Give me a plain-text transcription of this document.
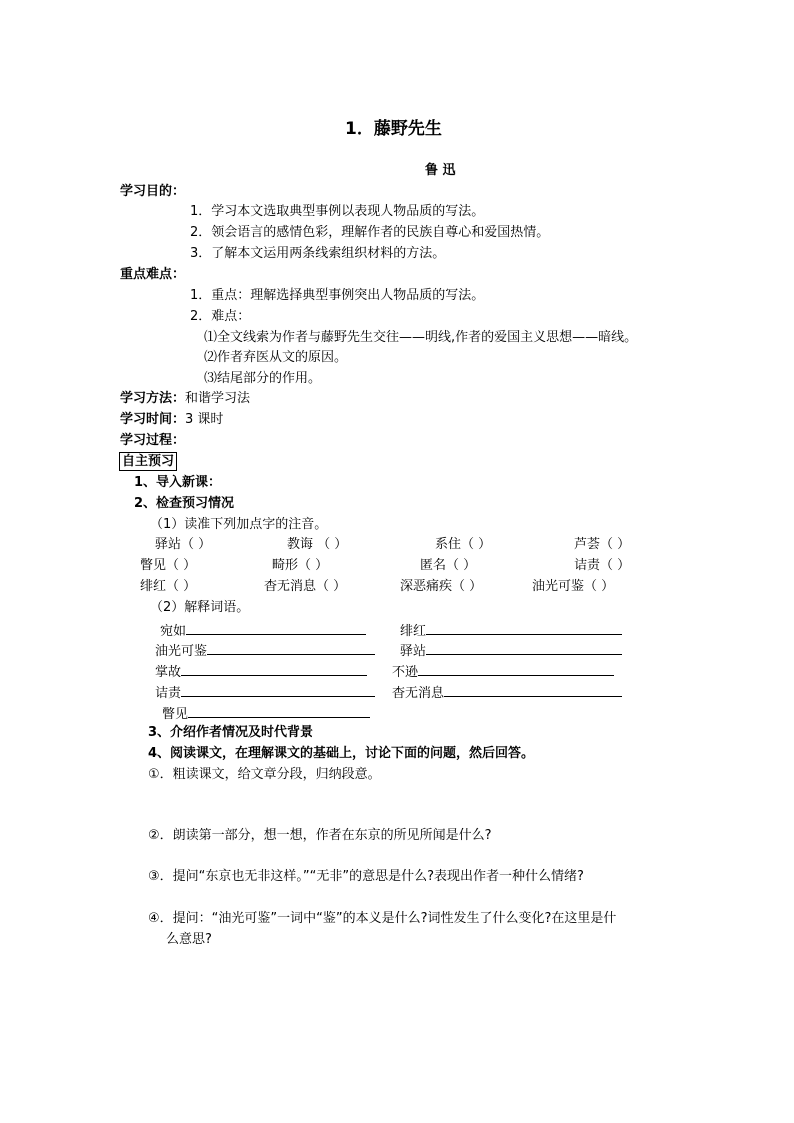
1．藤野先生
鲁 迅
学习目的：
1．学习本文选取典型事例以表现人物品质的写法。
2．领会语言的感情色彩，理解作者的民族自尊心和爱国热情。
3．了解本文运用两条线索组织材料的方法。
重点难点：
1．重点：理解选择典型事例突出人物品质的写法。
2．难点：
⑴全文线索为作者与藤野先生交往——明线,作者的爱国主义思想——暗线。
⑵作者弃医从文的原因。
⑶结尾部分的作用。
学习方法：和谐学习法
学习时间：3 课时
学习过程：
自主预习
1、导入新课：
2、检查预习情况
（1）读准下列加点字的注音。
驿站（ ）	教诲 （ ）	系住（ ）	芦荟（ ）
瞥见（ ）	畸形（ ）	匿名（ ）	诘责（ ）
绯红（ ）	杳无消息（ ）	深恶痛疾（ ）	油光可鉴（ ）
（2）解释词语。
宛如	绯红
油光可鉴	驿站
掌故	不逊
诘责	杳无消息
瞥见
3、介绍作者情况及时代背景
4、阅读课文，在理解课文的基础上，讨论下面的问题，然后回答。
①．粗读课文，给文章分段，归纳段意。
②．朗读第一部分，想一想，作者在东京的所见所闻是什么?
③．提问“东京也无非这样。”“无非”的意思是什么?表现出作者一种什么情绪?
④．提问：“油光可鉴”一词中“鉴”的本义是什么?词性发生了什么变化?在这里是什
么意思?
